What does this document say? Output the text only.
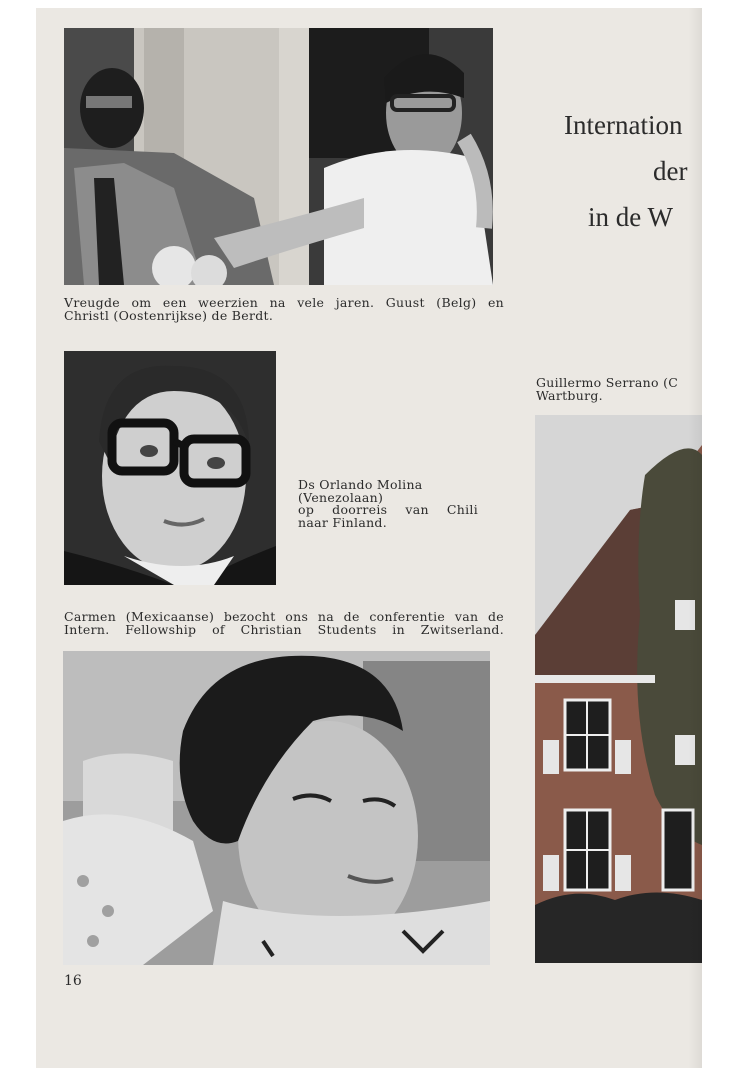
Vreugde om een weerzien na vele jaren. Guust (Belg) en
Christl (Oostenrijkse) de Berdt.
Internation
der
in de W
Ds Orlando Molina
(Venezolaan)
op doorreis van Chili
naar Finland.
Carmen (Mexicaanse) bezocht ons na de conferentie van de
Intern. Fellowship of Christian Students in Zwitserland.
Guillermo Serrano (C
Wartburg.
16
